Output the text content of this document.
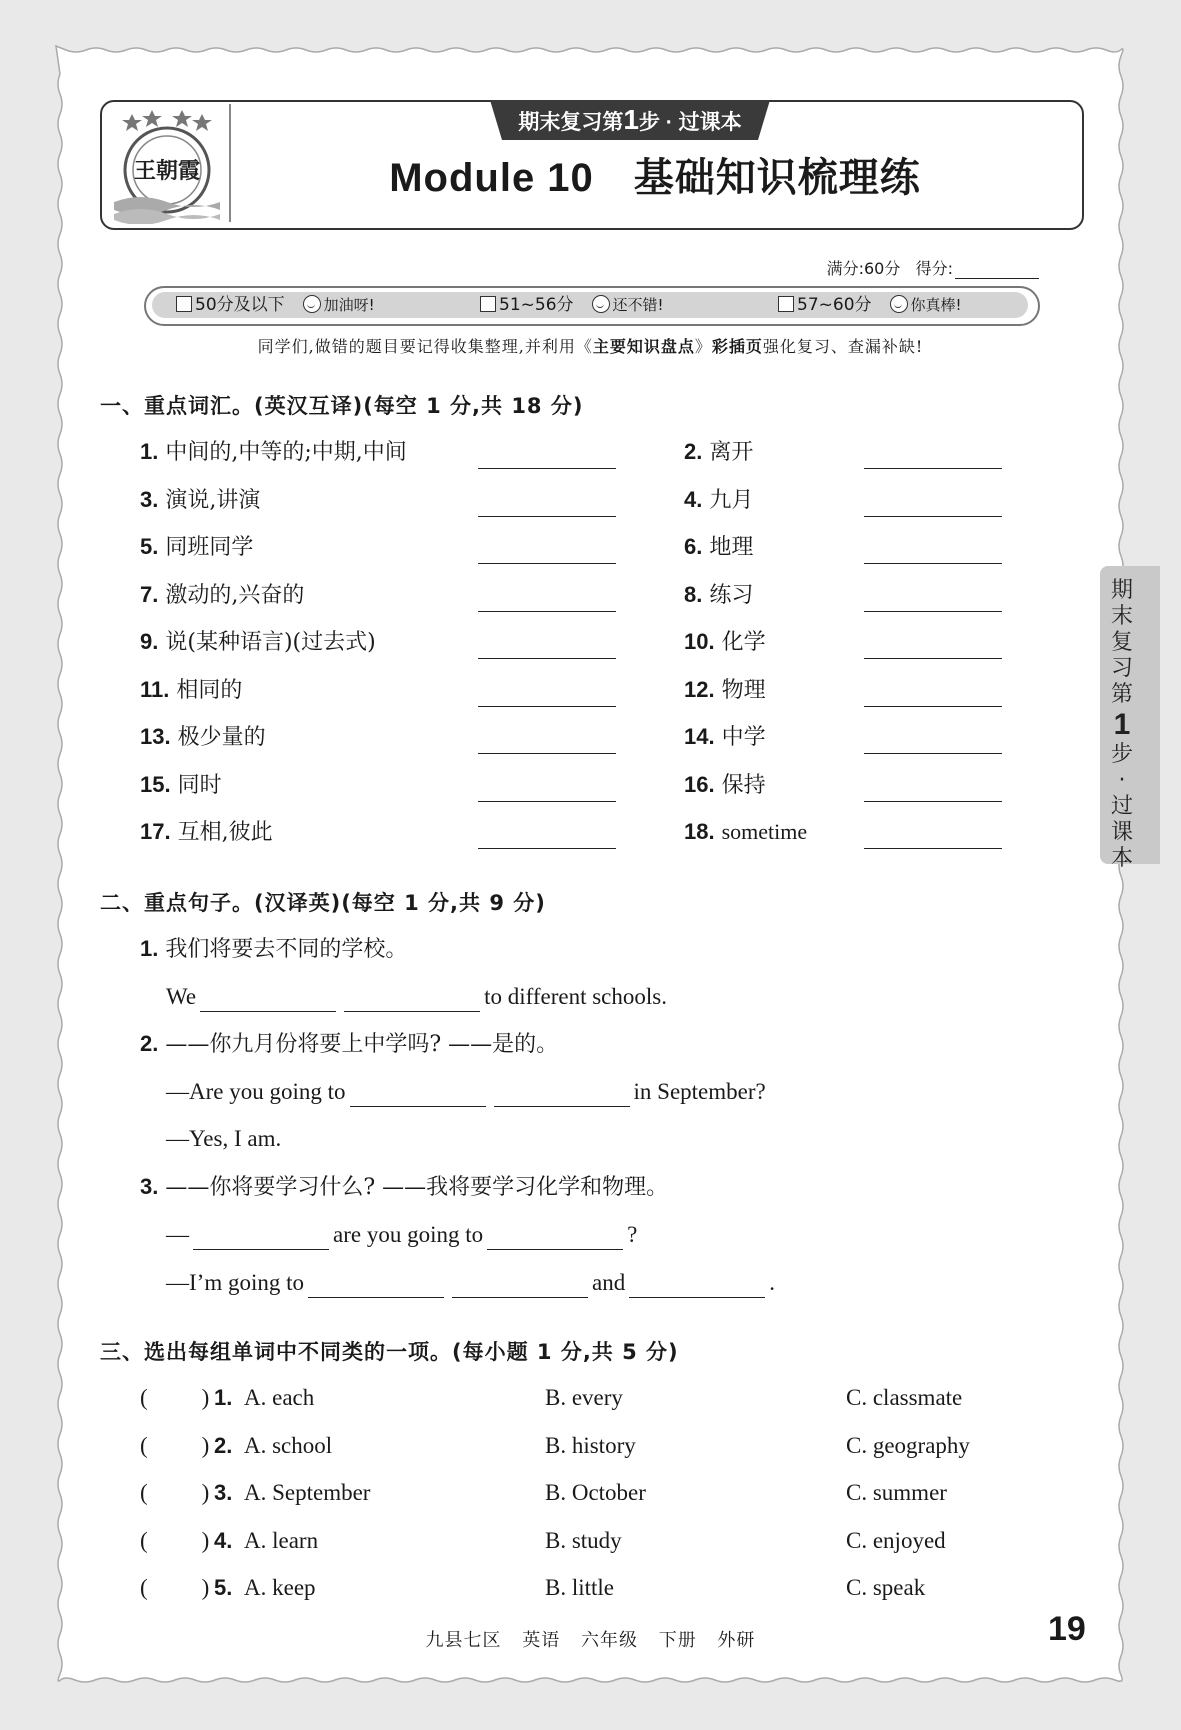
王朝霞
期末复习第1步 · 过课本
Module 10 基础知识梳理练
满分:60分 得分:
50分及以下	加油呀!	51~56分	还不错!	57~60分	你真棒!
同学们,做错的题目要记得收集整理,并利用《主要知识盘点》彩插页强化复习、查漏补缺!
一、重点词汇。(英汉互译)(每空 1 分,共 18 分)
1. 中间的,中等的;中期,中间	2. 离开
3. 演说,讲演	4. 九月
5. 同班同学	6. 地理
7. 激动的,兴奋的	8. 练习
9. 说(某种语言)(过去式)	10. 化学
11. 相同的	12. 物理
13. 极少量的	14. 中学
15. 同时	16. 保持
17. 互相,彼此	18. sometime
二、重点句子。(汉译英)(每空 1 分,共 9 分)
1. 我们将要去不同的学校。
We	to different schools.
2. ——你九月份将要上中学吗? ——是的。
—Are you going to	in September?
—Yes, I am.
3. ——你将要学习什么? ——我将要学习化学和物理。
—	are you going to	?
—I’m going to	and	.
三、选出每组单词中不同类的一项。(每小题 1 分,共 5 分)
( ) 1. A. each	B. every	C. classmate
( ) 2. A. school	B. history	C. geography
( ) 3. A. September	B. October	C. summer
( ) 4. A. learn	B. study	C. enjoyed
( ) 5. A. keep	B. little	C. speak
期
末
复
习
第
1
步
·
过
课
本
九县七区 英语 六年级 下册 外研	19
